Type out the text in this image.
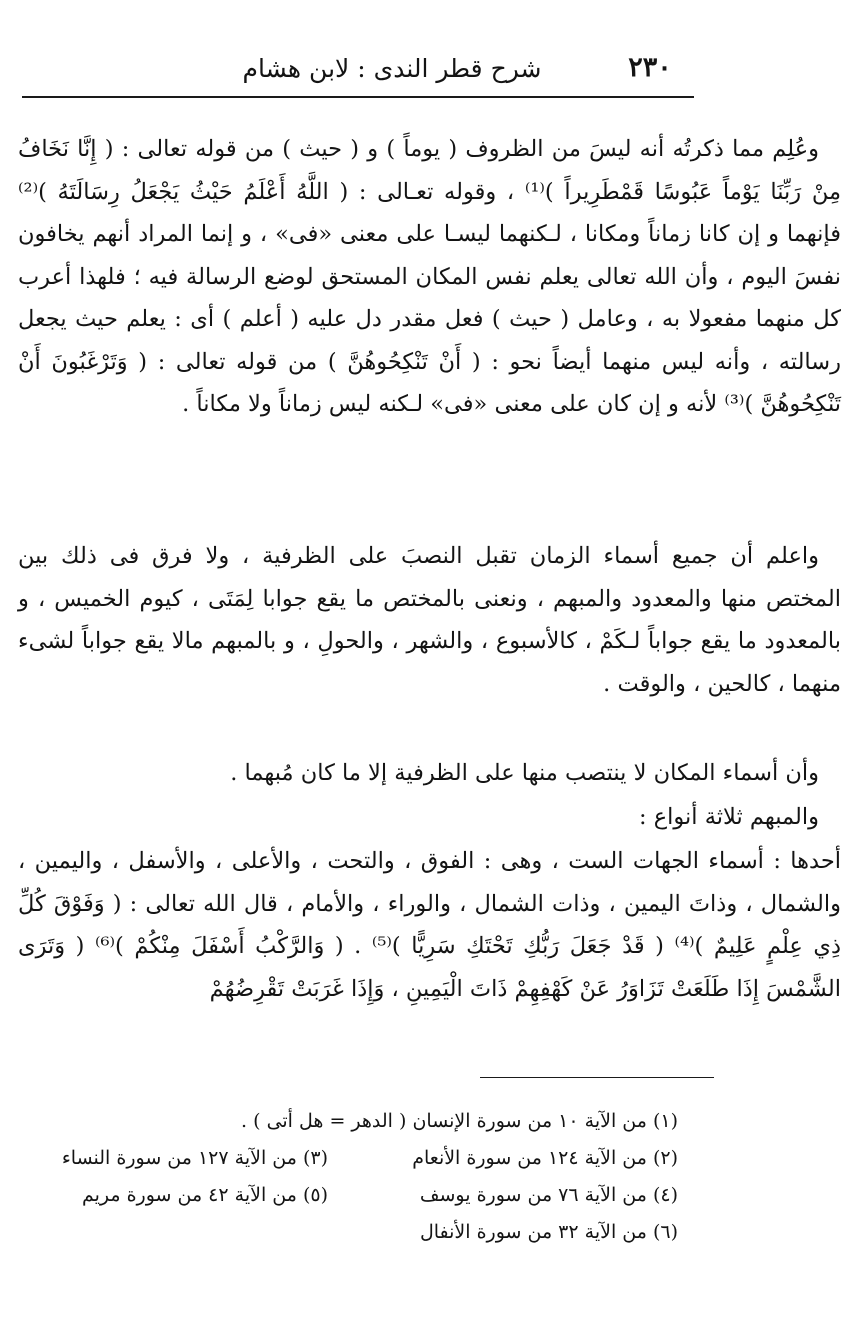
٢٣٠
شرح قطر الندى : لابن هشام

وعُلِم مما ذكرتُه أنه ليسَ من الظروف ( يوماً ) و ( حيث ) من قوله تعالى : ( إِنَّا نَخَافُ مِنْ رَبِّنَا يَوْماً عَبُوسًا قَمْطَرِيراً )⁽¹⁾ ، وقوله تعـالى : ( اللَّهُ أَعْلَمُ حَيْثُ يَجْعَلُ رِسَالَتَهُ )⁽²⁾ فإنهما و إن كانا زماناً ومكانا ، لـكنهما ليسـا على معنى «فى» ، و إنما المراد أنهم يخافون نفسَ اليوم ، وأن الله تعالى يعلم نفس المكان المستحق لوضع الرسالة فيه ؛ فلهذا أعرب كل منهما مفعولا به ، وعامل ( حيث ) فعل مقدر دل عليه ( أعلم ) أى : يعلم حيث يجعل رسالته ، وأنه ليس منهما أيضاً نحو : ( أَنْ تَنْكِحُوهُنَّ ) من قوله تعالى : ( وَتَرْغَبُونَ أَنْ تَنْكِحُوهُنَّ )⁽³⁾ لأنه و إن كان على معنى «فى» لـكنه ليس زماناً ولا مكاناً .

واعلم أن جميع أسماء الزمان تقبل النصبَ على الظرفية ، ولا فرق فى ذلك بين المختص منها والمعدود والمبهم ، ونعنى بالمختص ما يقع جوابا لِمَتَى ، كيوم الخميس ، و بالمعدود ما يقع جواباً لـكَمْ ، كالأسبوع ، والشهر ، والحولِ ، و بالمبهم مالا يقع جواباً لشىء منهما ، كالحين ، والوقت .

وأن أسماء المكان لا ينتصب منها على الظرفية إلا ما كان مُبهما .

والمبهم ثلاثة أنواع :

أحدها : أسماء الجهات الست ، وهى : الفوق ، والتحت ، والأعلى ، والأسفل ، واليمين ، والشمال ، وذاتَ اليمين ، وذات الشمال ، والوراء ، والأمام ، قال الله تعالى : ( وَفَوْقَ كُلِّ ذِي عِلْمٍ عَلِيمٌ )⁽⁴⁾ ( قَدْ جَعَلَ رَبُّكِ تَحْتَكِ سَرِيًّا )⁽⁵⁾ . ( وَالرَّكْبُ أَسْفَلَ مِنْكُمْ )⁽⁶⁾ ( وَتَرَى الشَّمْسَ إِذَا طَلَعَتْ تَزَاوَرُ عَنْ كَهْفِهِمْ ذَاتَ الْيَمِينِ ، وَإِذَا غَرَبَتْ تَقْرِضُهُمْ

(١) من الآية ١٠ من سورة الإنسان ( الدهر = هل أتى ) .
(٢) من الآية ١٢٤ من سورة الأنعام
(٣) من الآية ١٢٧ من سورة النساء
(٤) من الآية ٧٦ من سورة يوسف
(٥) من الآية ٤٢ من سورة مريم
(٦) من الآية ٣٢ من سورة الأنفال
